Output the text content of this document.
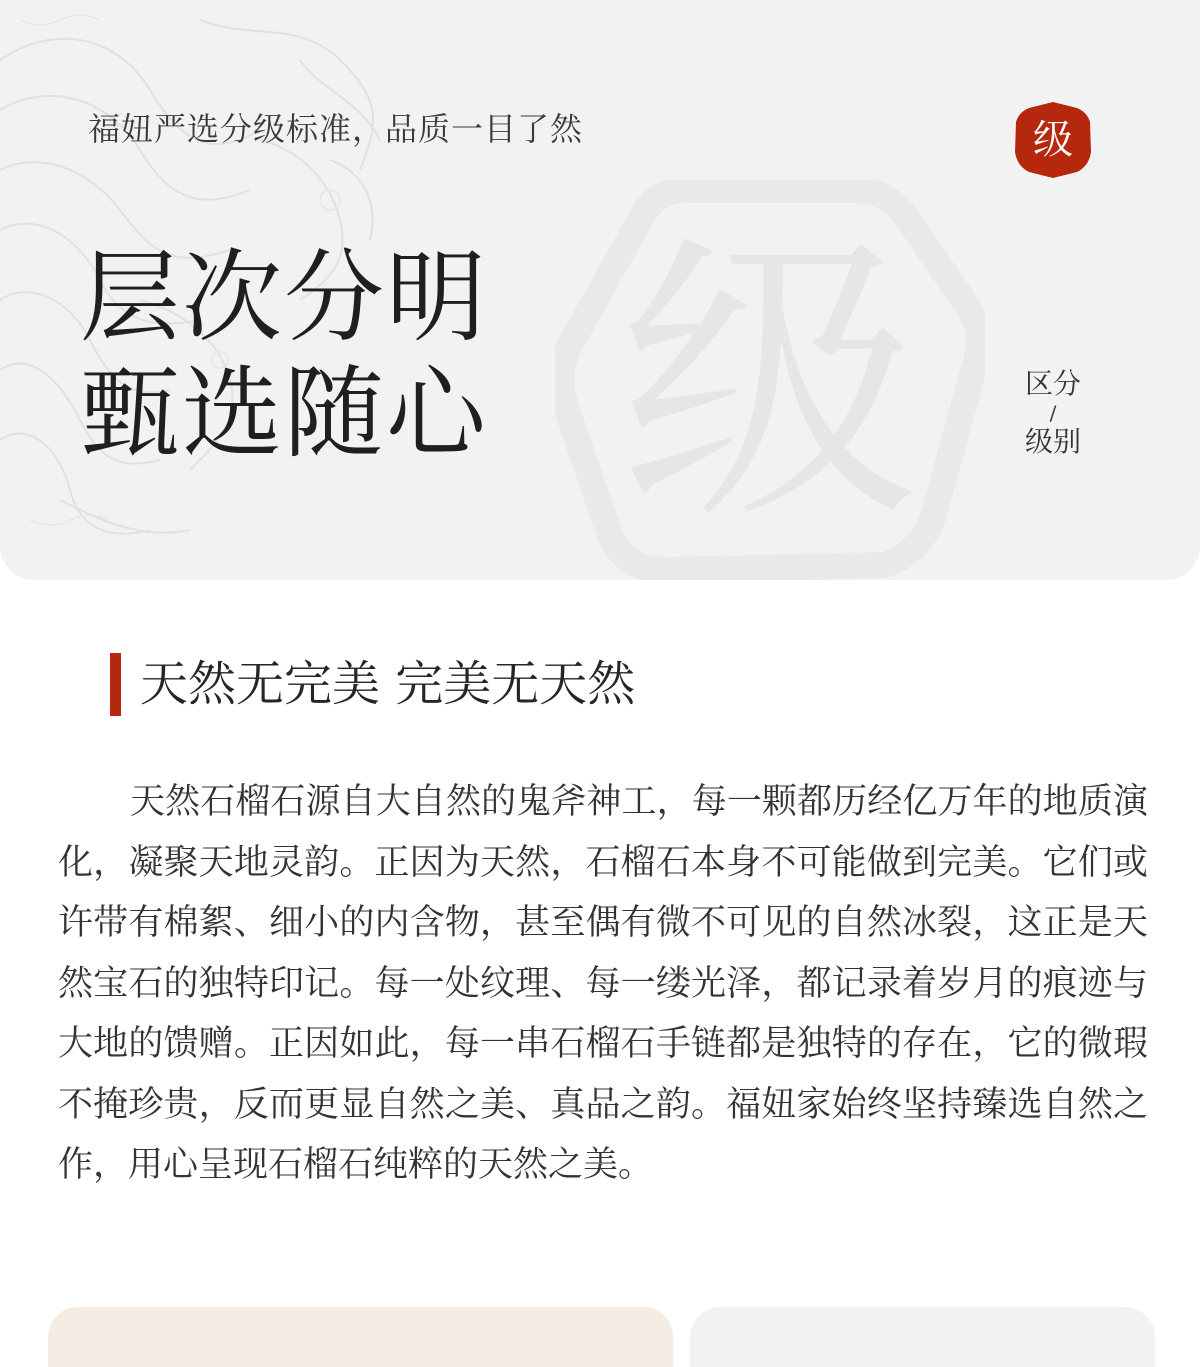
福妞严选分级标准，品质一目了然
层次分明
甄选随心 级
级
区分
/
级别
天然无完美 完美无天然

天然石榴石源自大自然的鬼斧神工，每一颗都历经亿万年的地质演化，凝聚天地灵韵。正因为天然，石榴石本身不可能做到完美。它们或许带有棉絮、细小的内含物，甚至偶有微不可见的自然冰裂，这正是天然宝石的独特印记。每一处纹理、每一缕光泽，都记录着岁月的痕迹与大地的馈赠。正因如此，每一串石榴石手链都是独特的存在，它的微瑕不掩珍贵，反而更显自然之美、真品之韵。福妞家始终坚持臻选自然之作，用心呈现石榴石纯粹的天然之美。
